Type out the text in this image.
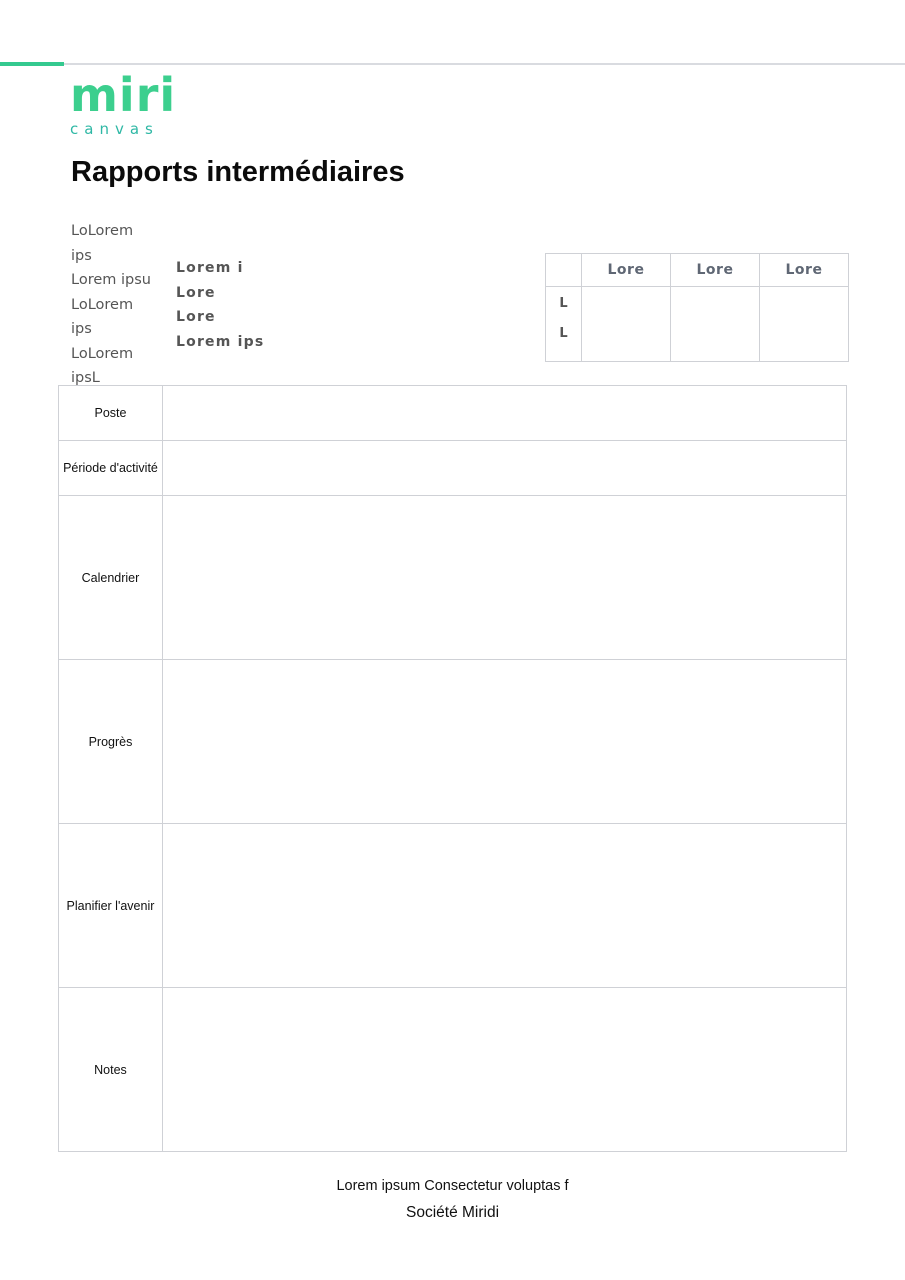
miri
canvas
Rapports intermédiaires
LoLorem
ips
Lorem ipsu
LoLorem
ips
LoLorem
ipsL
Lorem i
Lore
Lore
Lorem ips
	Lore	Lore	Lore

L
L			

Poste	
Période d'activité	
Calendrier	
Progrès	
Planifier l'avenir	
Notes	
Lorem ipsum Consectetur voluptas f
Société Miridi
